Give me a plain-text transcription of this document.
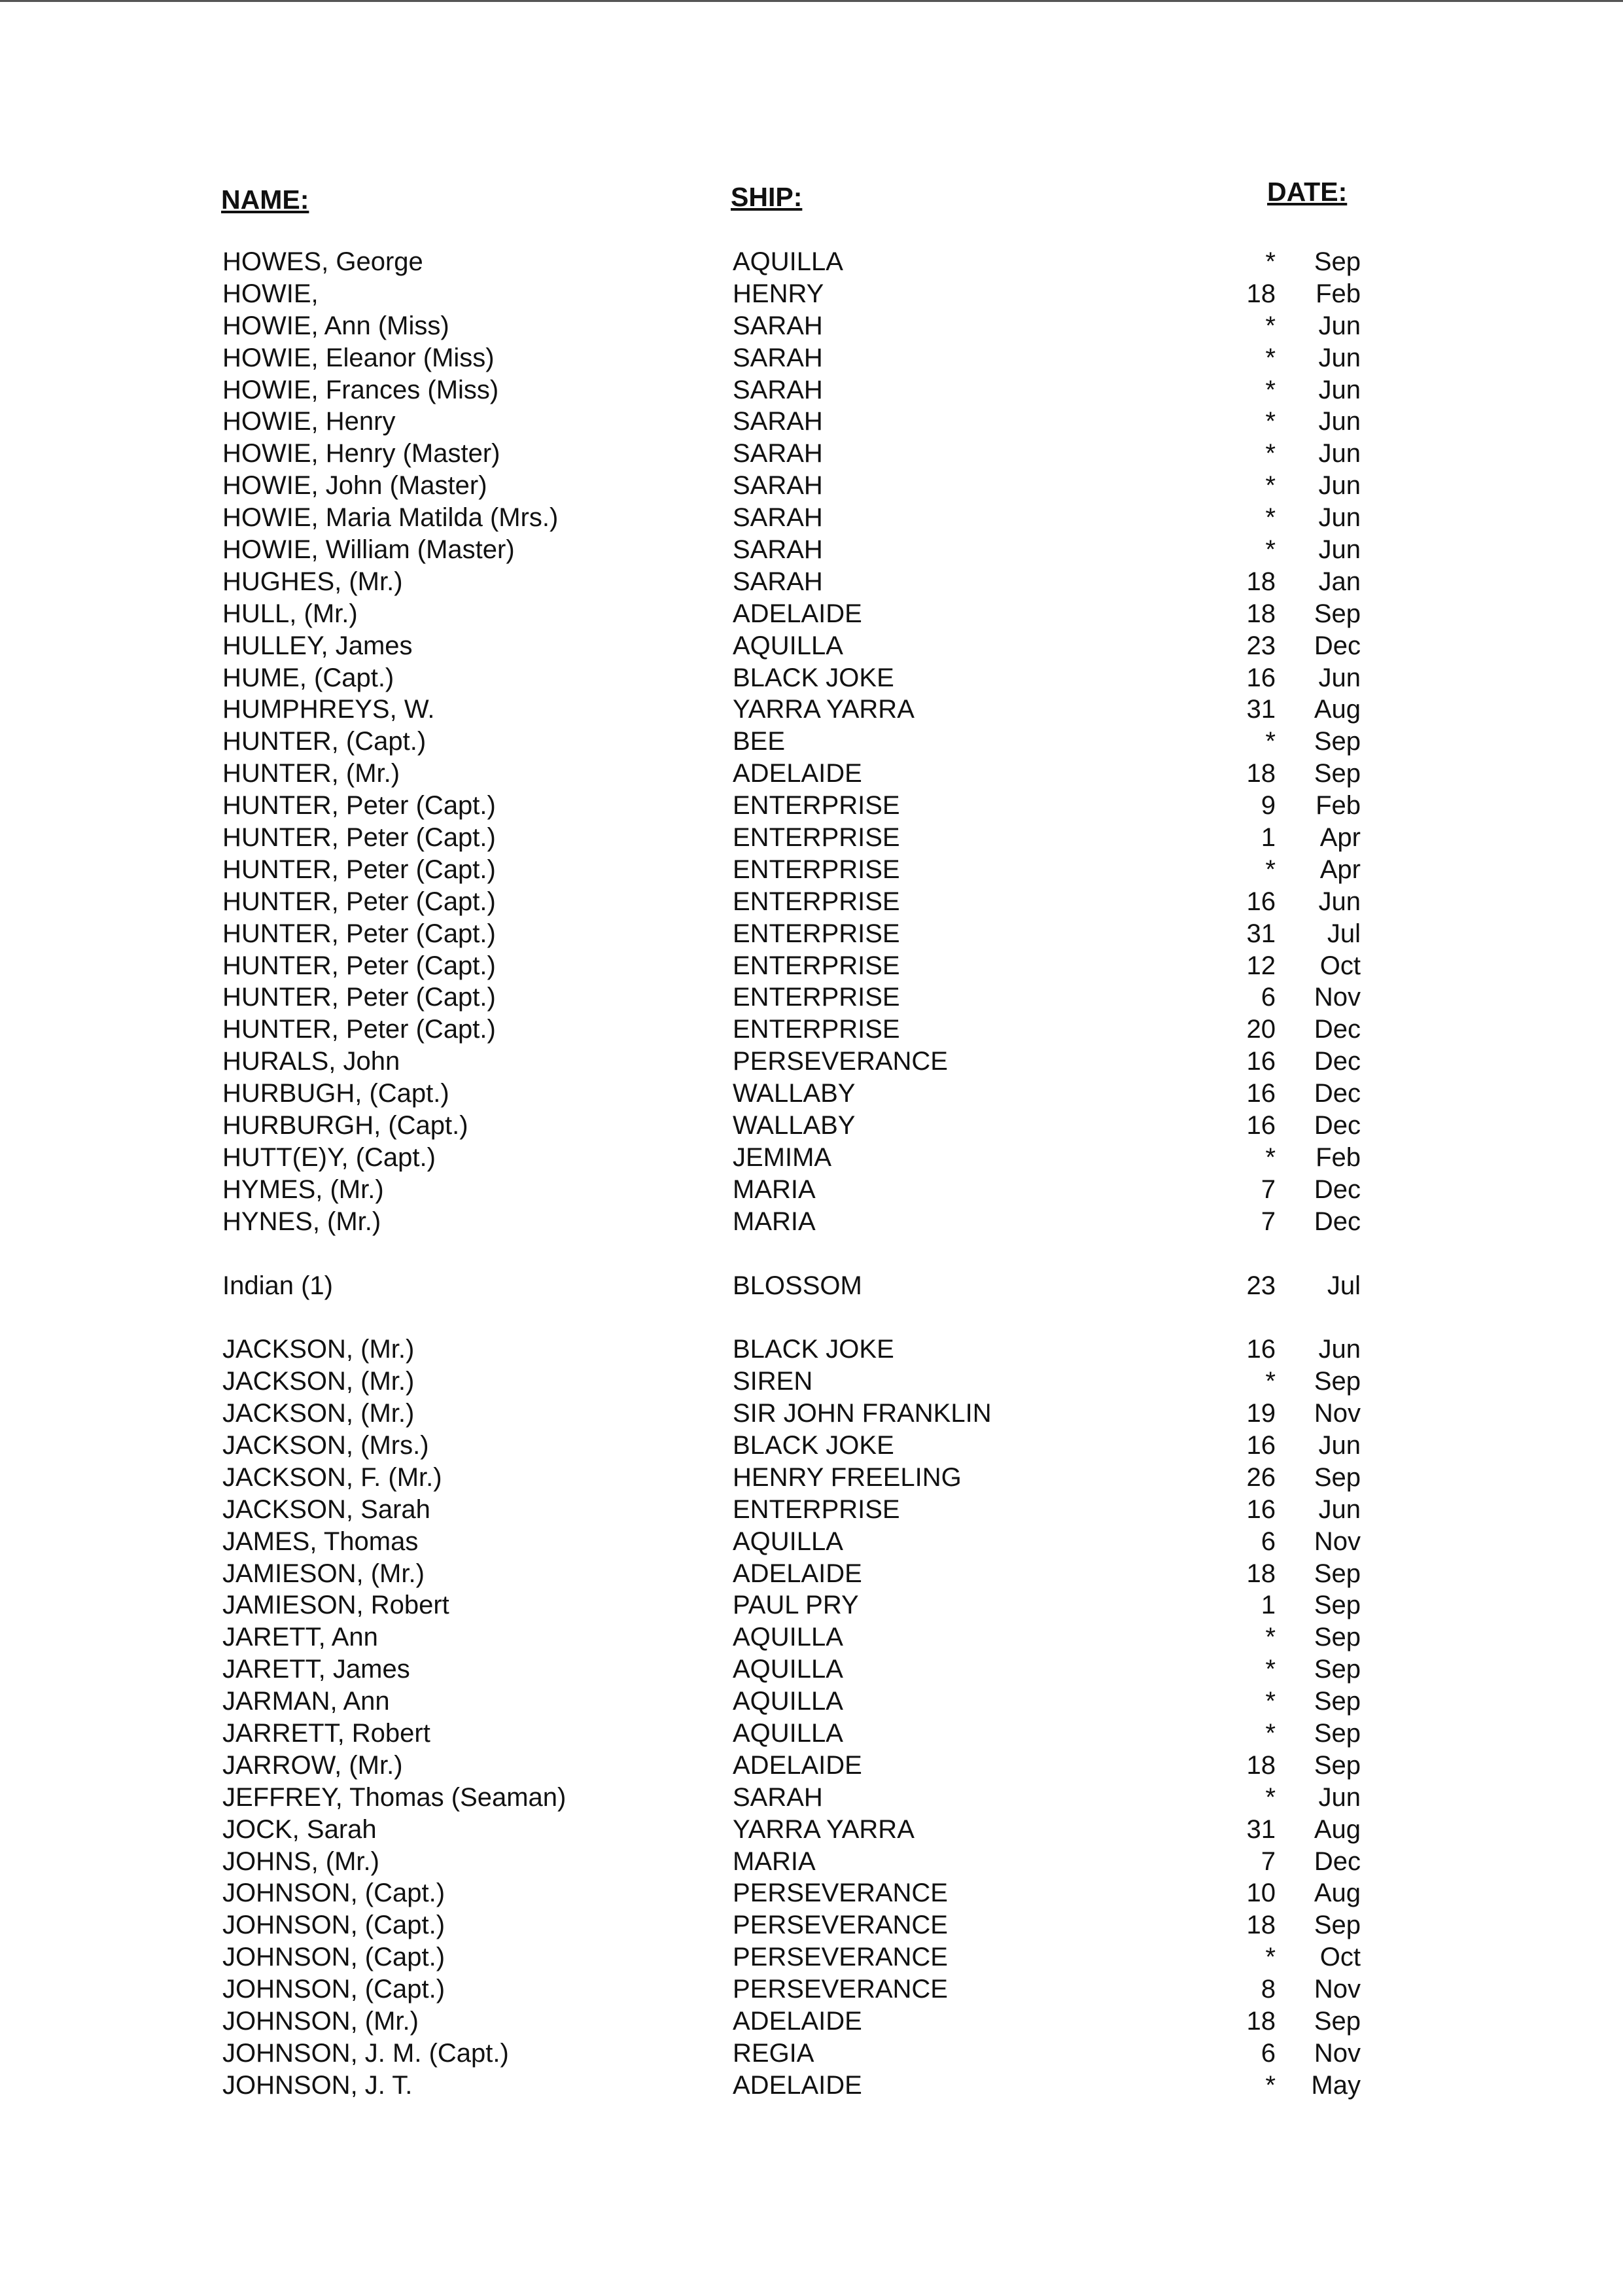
NAME:	SHIP:	DATE:
HOWES, George	AQUILLA	*	Sep
HOWIE,	HENRY	18	Feb
HOWIE, Ann (Miss)	SARAH	*	Jun
HOWIE, Eleanor (Miss)	SARAH	*	Jun
HOWIE, Frances (Miss)	SARAH	*	Jun
HOWIE, Henry	SARAH	*	Jun
HOWIE, Henry (Master)	SARAH	*	Jun
HOWIE, John (Master)	SARAH	*	Jun
HOWIE, Maria Matilda (Mrs.)	SARAH	*	Jun
HOWIE, William (Master)	SARAH	*	Jun
HUGHES, (Mr.)	SARAH	18	Jan
HULL, (Mr.)	ADELAIDE	18	Sep
HULLEY, James	AQUILLA	23	Dec
HUME, (Capt.)	BLACK JOKE	16	Jun
HUMPHREYS, W.	YARRA YARRA	31	Aug
HUNTER, (Capt.)	BEE	*	Sep
HUNTER, (Mr.)	ADELAIDE	18	Sep
HUNTER, Peter (Capt.)	ENTERPRISE	9	Feb
HUNTER, Peter (Capt.)	ENTERPRISE	1	Apr
HUNTER, Peter (Capt.)	ENTERPRISE	*	Apr
HUNTER, Peter (Capt.)	ENTERPRISE	16	Jun
HUNTER, Peter (Capt.)	ENTERPRISE	31	Jul
HUNTER, Peter (Capt.)	ENTERPRISE	12	Oct
HUNTER, Peter (Capt.)	ENTERPRISE	6	Nov
HUNTER, Peter (Capt.)	ENTERPRISE	20	Dec
HURALS, John	PERSEVERANCE	16	Dec
HURBUGH, (Capt.)	WALLABY	16	Dec
HURBURGH, (Capt.)	WALLABY	16	Dec
HUTT(E)Y, (Capt.)	JEMIMA	*	Feb
HYMES, (Mr.)	MARIA	7	Dec
HYNES, (Mr.)	MARIA	7	Dec
Indian (1)	BLOSSOM	23	Jul
JACKSON, (Mr.)	BLACK JOKE	16	Jun
JACKSON, (Mr.)	SIREN	*	Sep
JACKSON, (Mr.)	SIR JOHN FRANKLIN	19	Nov
JACKSON, (Mrs.)	BLACK JOKE	16	Jun
JACKSON, F. (Mr.)	HENRY FREELING	26	Sep
JACKSON, Sarah	ENTERPRISE	16	Jun
JAMES, Thomas	AQUILLA	6	Nov
JAMIESON, (Mr.)	ADELAIDE	18	Sep
JAMIESON, Robert	PAUL PRY	1	Sep
JARETT, Ann	AQUILLA	*	Sep
JARETT, James	AQUILLA	*	Sep
JARMAN, Ann	AQUILLA	*	Sep
JARRETT, Robert	AQUILLA	*	Sep
JARROW, (Mr.)	ADELAIDE	18	Sep
JEFFREY, Thomas (Seaman)	SARAH	*	Jun
JOCK, Sarah	YARRA YARRA	31	Aug
JOHNS, (Mr.)	MARIA	7	Dec
JOHNSON, (Capt.)	PERSEVERANCE	10	Aug
JOHNSON, (Capt.)	PERSEVERANCE	18	Sep
JOHNSON, (Capt.)	PERSEVERANCE	*	Oct
JOHNSON, (Capt.)	PERSEVERANCE	8	Nov
JOHNSON, (Mr.)	ADELAIDE	18	Sep
JOHNSON, J. M. (Capt.)	REGIA	6	Nov
JOHNSON, J. T.	ADELAIDE	*	May
